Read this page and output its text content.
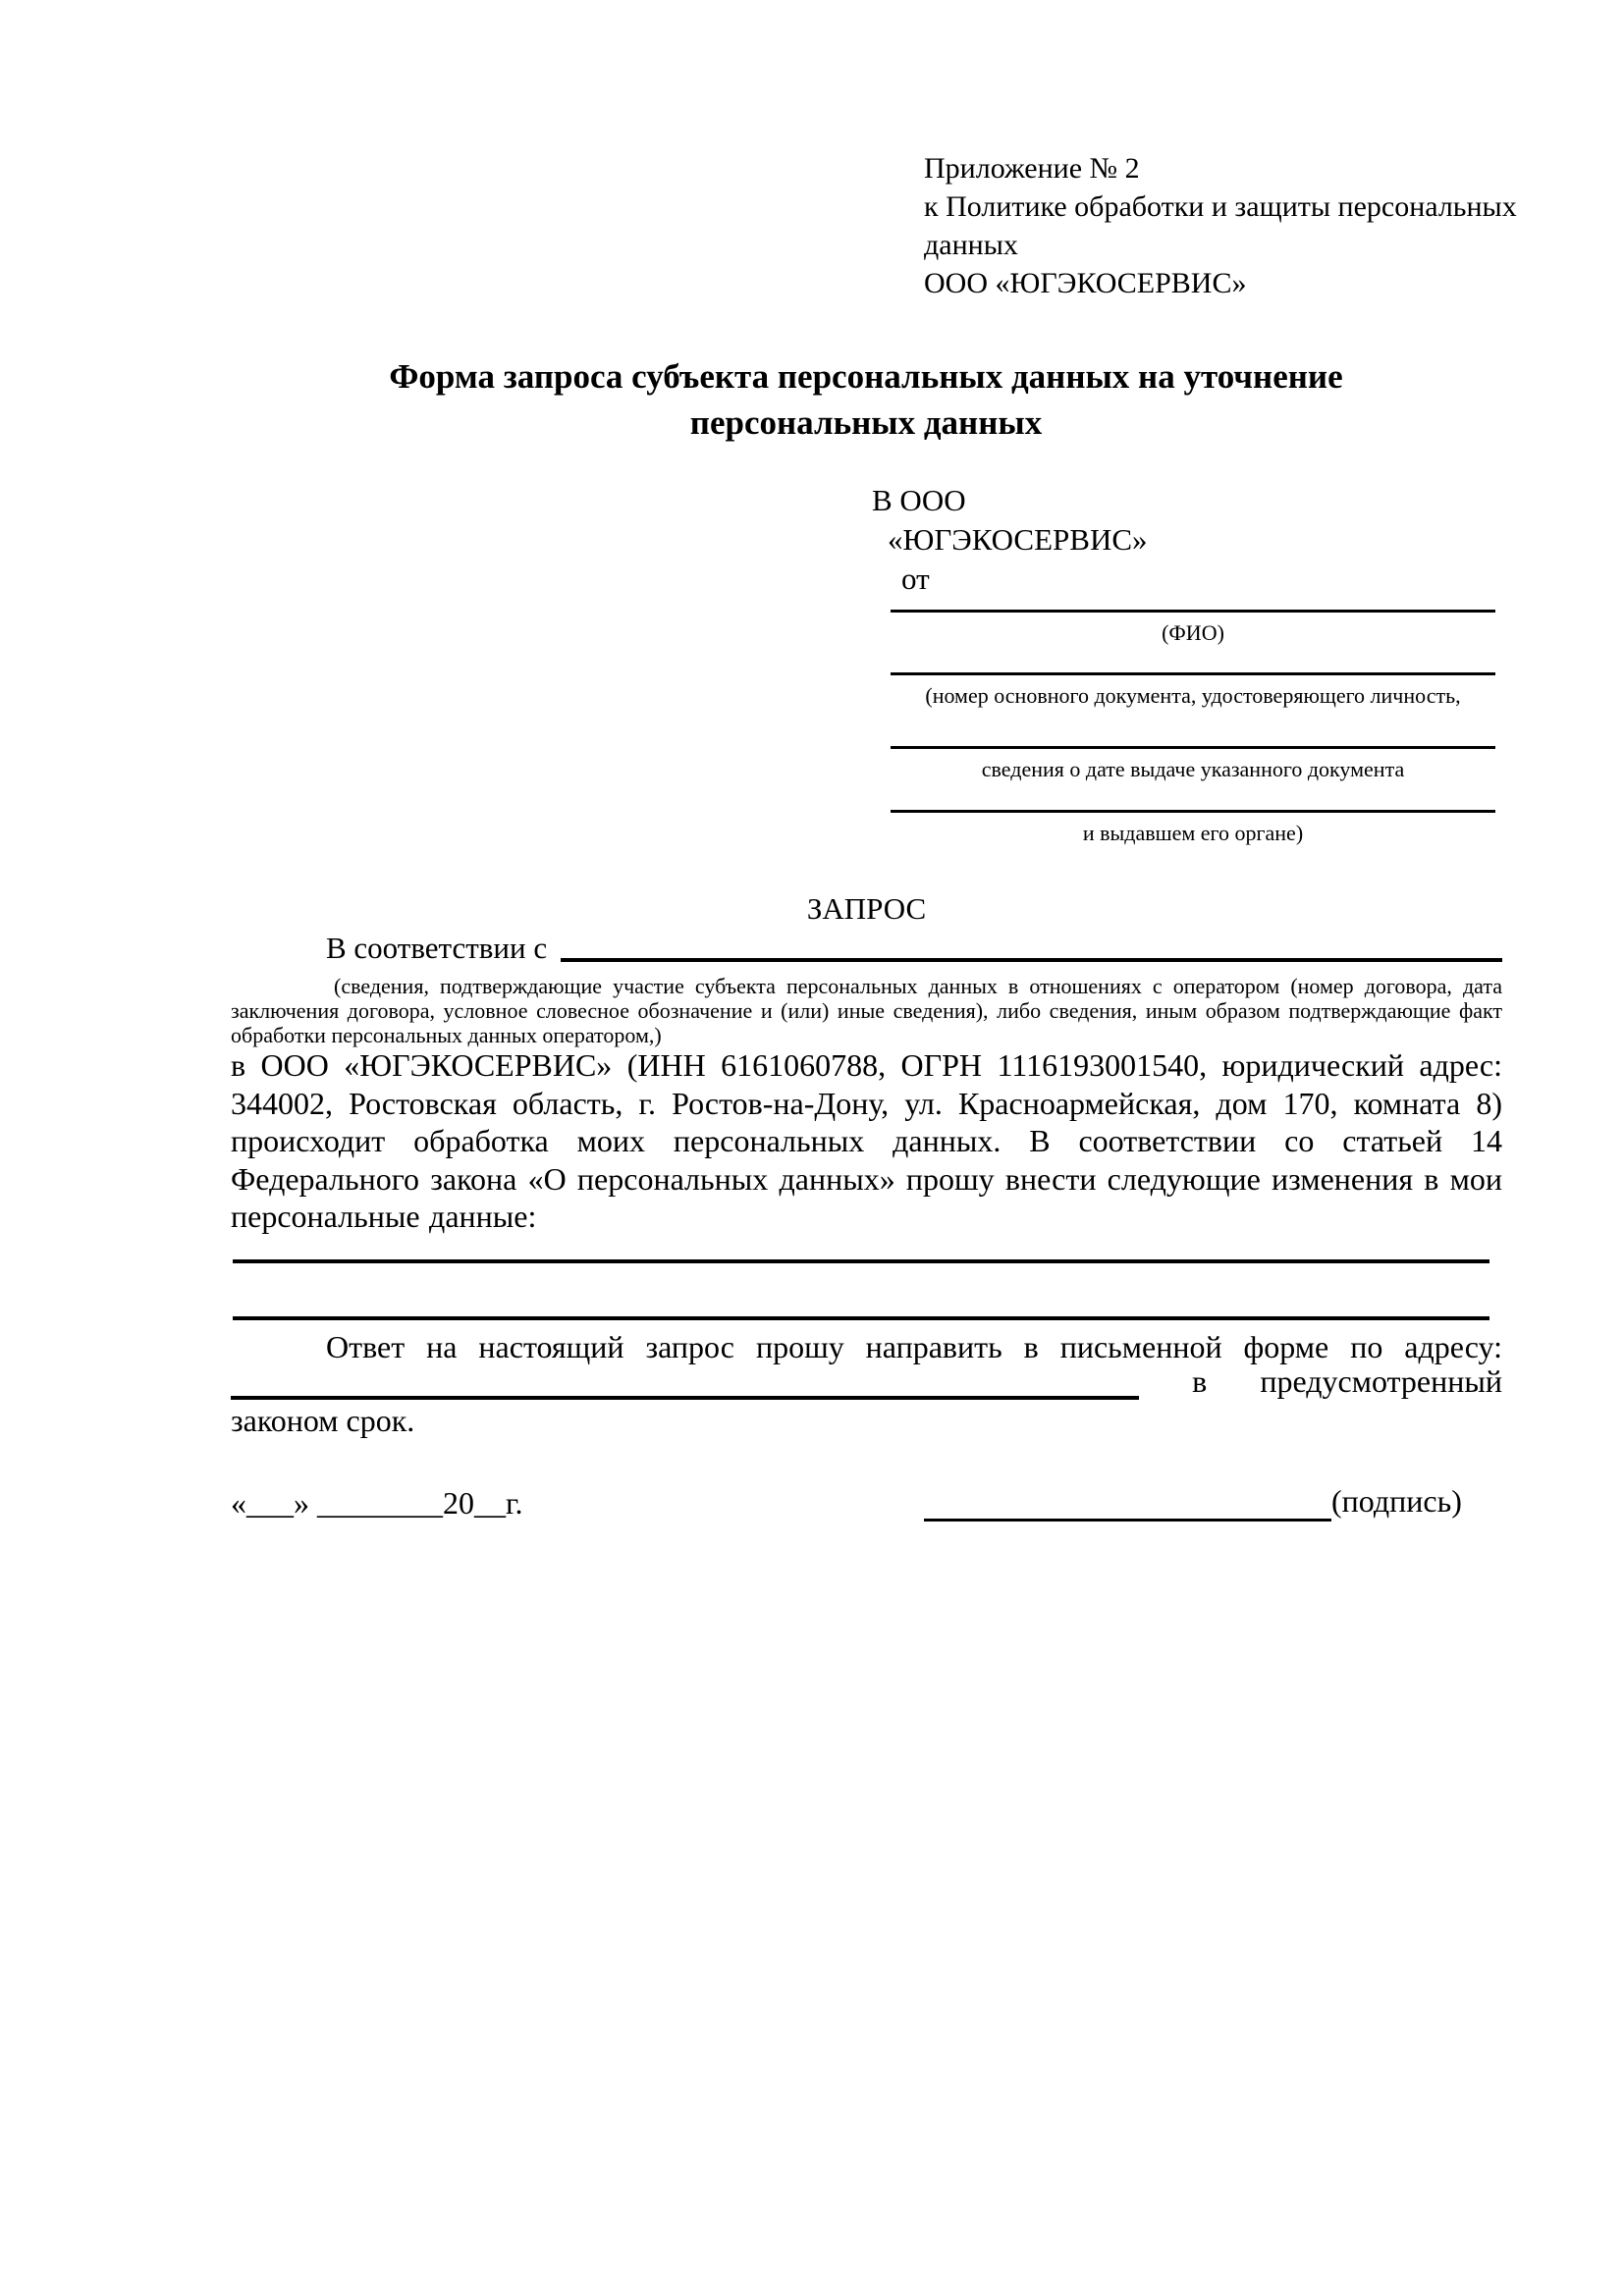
Приложение № 2
к Политике обработки и защиты персональных
данных
ООО «ЮГЭКОСЕРВИС»
Форма запроса субъекта персональных данных на уточнение персональных данных
В ООО
«ЮГЭКОСЕРВИС»
от
(ФИО)
(номер основного документа, удостоверяющего личность,
сведения о дате выдаче указанного документа
и выдавшем его органе)
ЗАПРОС
В соответствии с
(сведения, подтверждающие участие субъекта персональных данных в отношениях с оператором (номер договора, дата заключения договора, условное словесное обозначение и (или) иные сведения), либо сведения, иным образом подтверждающие факт обработки персональных данных оператором,)
в ООО «ЮГЭКОСЕРВИС» (ИНН 6161060788, ОГРН 1116193001540, юридический адрес: 344002, Ростовская область, г. Ростов-на-Дону, ул. Красноармейская, дом 170, комната 8) происходит обработка моих персональных данных. В соответствии со статьей 14 Федерального закона «О персональных данных» прошу внести следующие изменения в мои персональные данные:
Ответ на настоящий запрос прошу направить в письменной форме по адресу:
в предусмотренный
законом срок.
«___» ________20__г.	(подпись)
